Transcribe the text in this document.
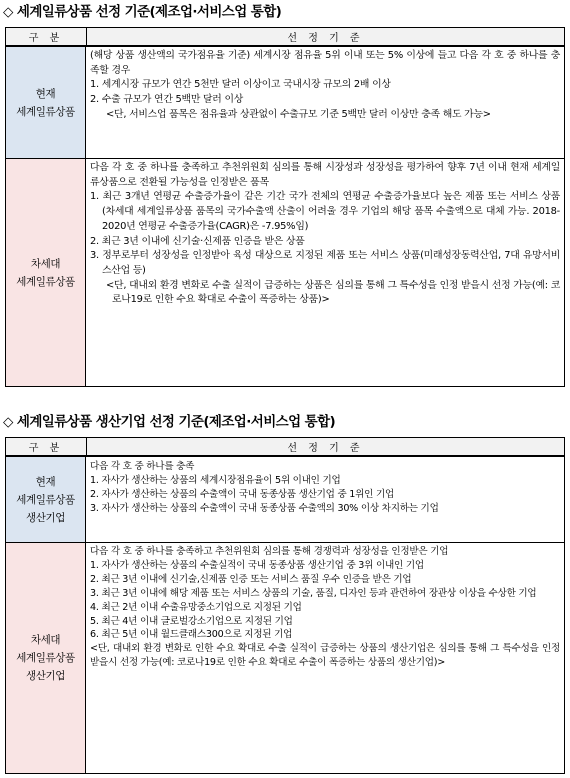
◇ 세계일류상품 선정 기준(제조업·서비스업 통합)
구 분	선 정 기 준
현재
세계일류상품

(해당 상품 생산액의 국가점유율 기준) 세계시장 점유율 5위 이내 또는 5% 이상에 들고 다음 각 호 중 하나를 충족할 경우

1. 세계시장 규모가 연간 5천만 달러 이상이고 국내시장 규모의 2배 이상

2. 수출 규모가 연간 5백만 달러 이상

<단, 서비스업 품목은 점유율과 상관없이 수출규모 기준 5백만 달러 이상만 충족 해도 가능>

차세대
세계일류상품

다음 각 호 중 하나를 충족하고 추천위원회 심의를 통해 시장성과 성장성을 평가하여 향후 7년 이내 현재 세계일류상품으로 전환될 가능성을 인정받은 품목

1. 최근 3개년 연평균 수출증가율이 같은 기간 국가 전체의 연평균 수출증가율보다 높은 제품 또는 서비스 상품(차세대 세계일류상품 품목의 국가수출액 산출이 어려울 경우 기업의 해당 품목 수출액으로 대체 가능. 2018-2020년 연평균 수출증가율(CAGR)은 -7.95%임)

2. 최근 3년 이내에 신기술·신제품 인증을 받은 상품

3. 정부로부터 성장성을 인정받아 육성 대상으로 지정된 제품 또는 서비스 상품(미래성장동력산업, 7대 유망서비스산업 등)

<단, 대내외 환경 변화로 수출 실적이 급증하는 상품은 심의를 통해 그 특수성을 인정 받을시 선정 가능(예: 코로나19로 인한 수요 확대로 수출이 폭증하는 상품)>

◇ 세계일류상품 생산기업 선정 기준(제조업·서비스업 통합)
구 분	선 정 기 준
현재
세계일류상품
생산기업

다음 각 호 중 하나를 충족

1. 자사가 생산하는 상품의 세계시장점유율이 5위 이내인 기업

2. 자사가 생산하는 상품의 수출액이 국내 동종상품 생산기업 중 1위인 기업

3. 자사가 생산하는 상품의 수출액이 국내 동종상품 수출액의 30% 이상 차지하는 기업

차세대
세계일류상품
생산기업

다음 각 호 중 하나를 충족하고 추천위원회 심의를 통해 경쟁력과 성장성을 인정받은 기업

1. 자사가 생산하는 상품의 수출실적이 국내 동종상품 생산기업 중 3위 이내인 기업

2. 최근 3년 이내에 신기술,신제품 인증 또는 서비스 품질 우수 인증을 받은 기업

3. 최근 3년 이내에 해당 제품 또는 서비스 상품의 기술, 품질, 디자인 등과 관련하여 장관상 이상을 수상한 기업

4. 최근 2년 이내 수출유망중소기업으로 지정된 기업

5. 최근 4년 이내 글로벌강소기업으로 지정된 기업

6. 최근 5년 이내 월드클래스300으로 지정된 기업

<단, 대내외 환경 변화로 인한 수요 확대로 수출 실적이 급증하는 상품의 생산기업은 심의를 통해 그 특수성을 인정 받을시 선정 가능(예: 코로나19로 인한 수요 확대로 수출이 폭증하는 상품의 생산기업)>
